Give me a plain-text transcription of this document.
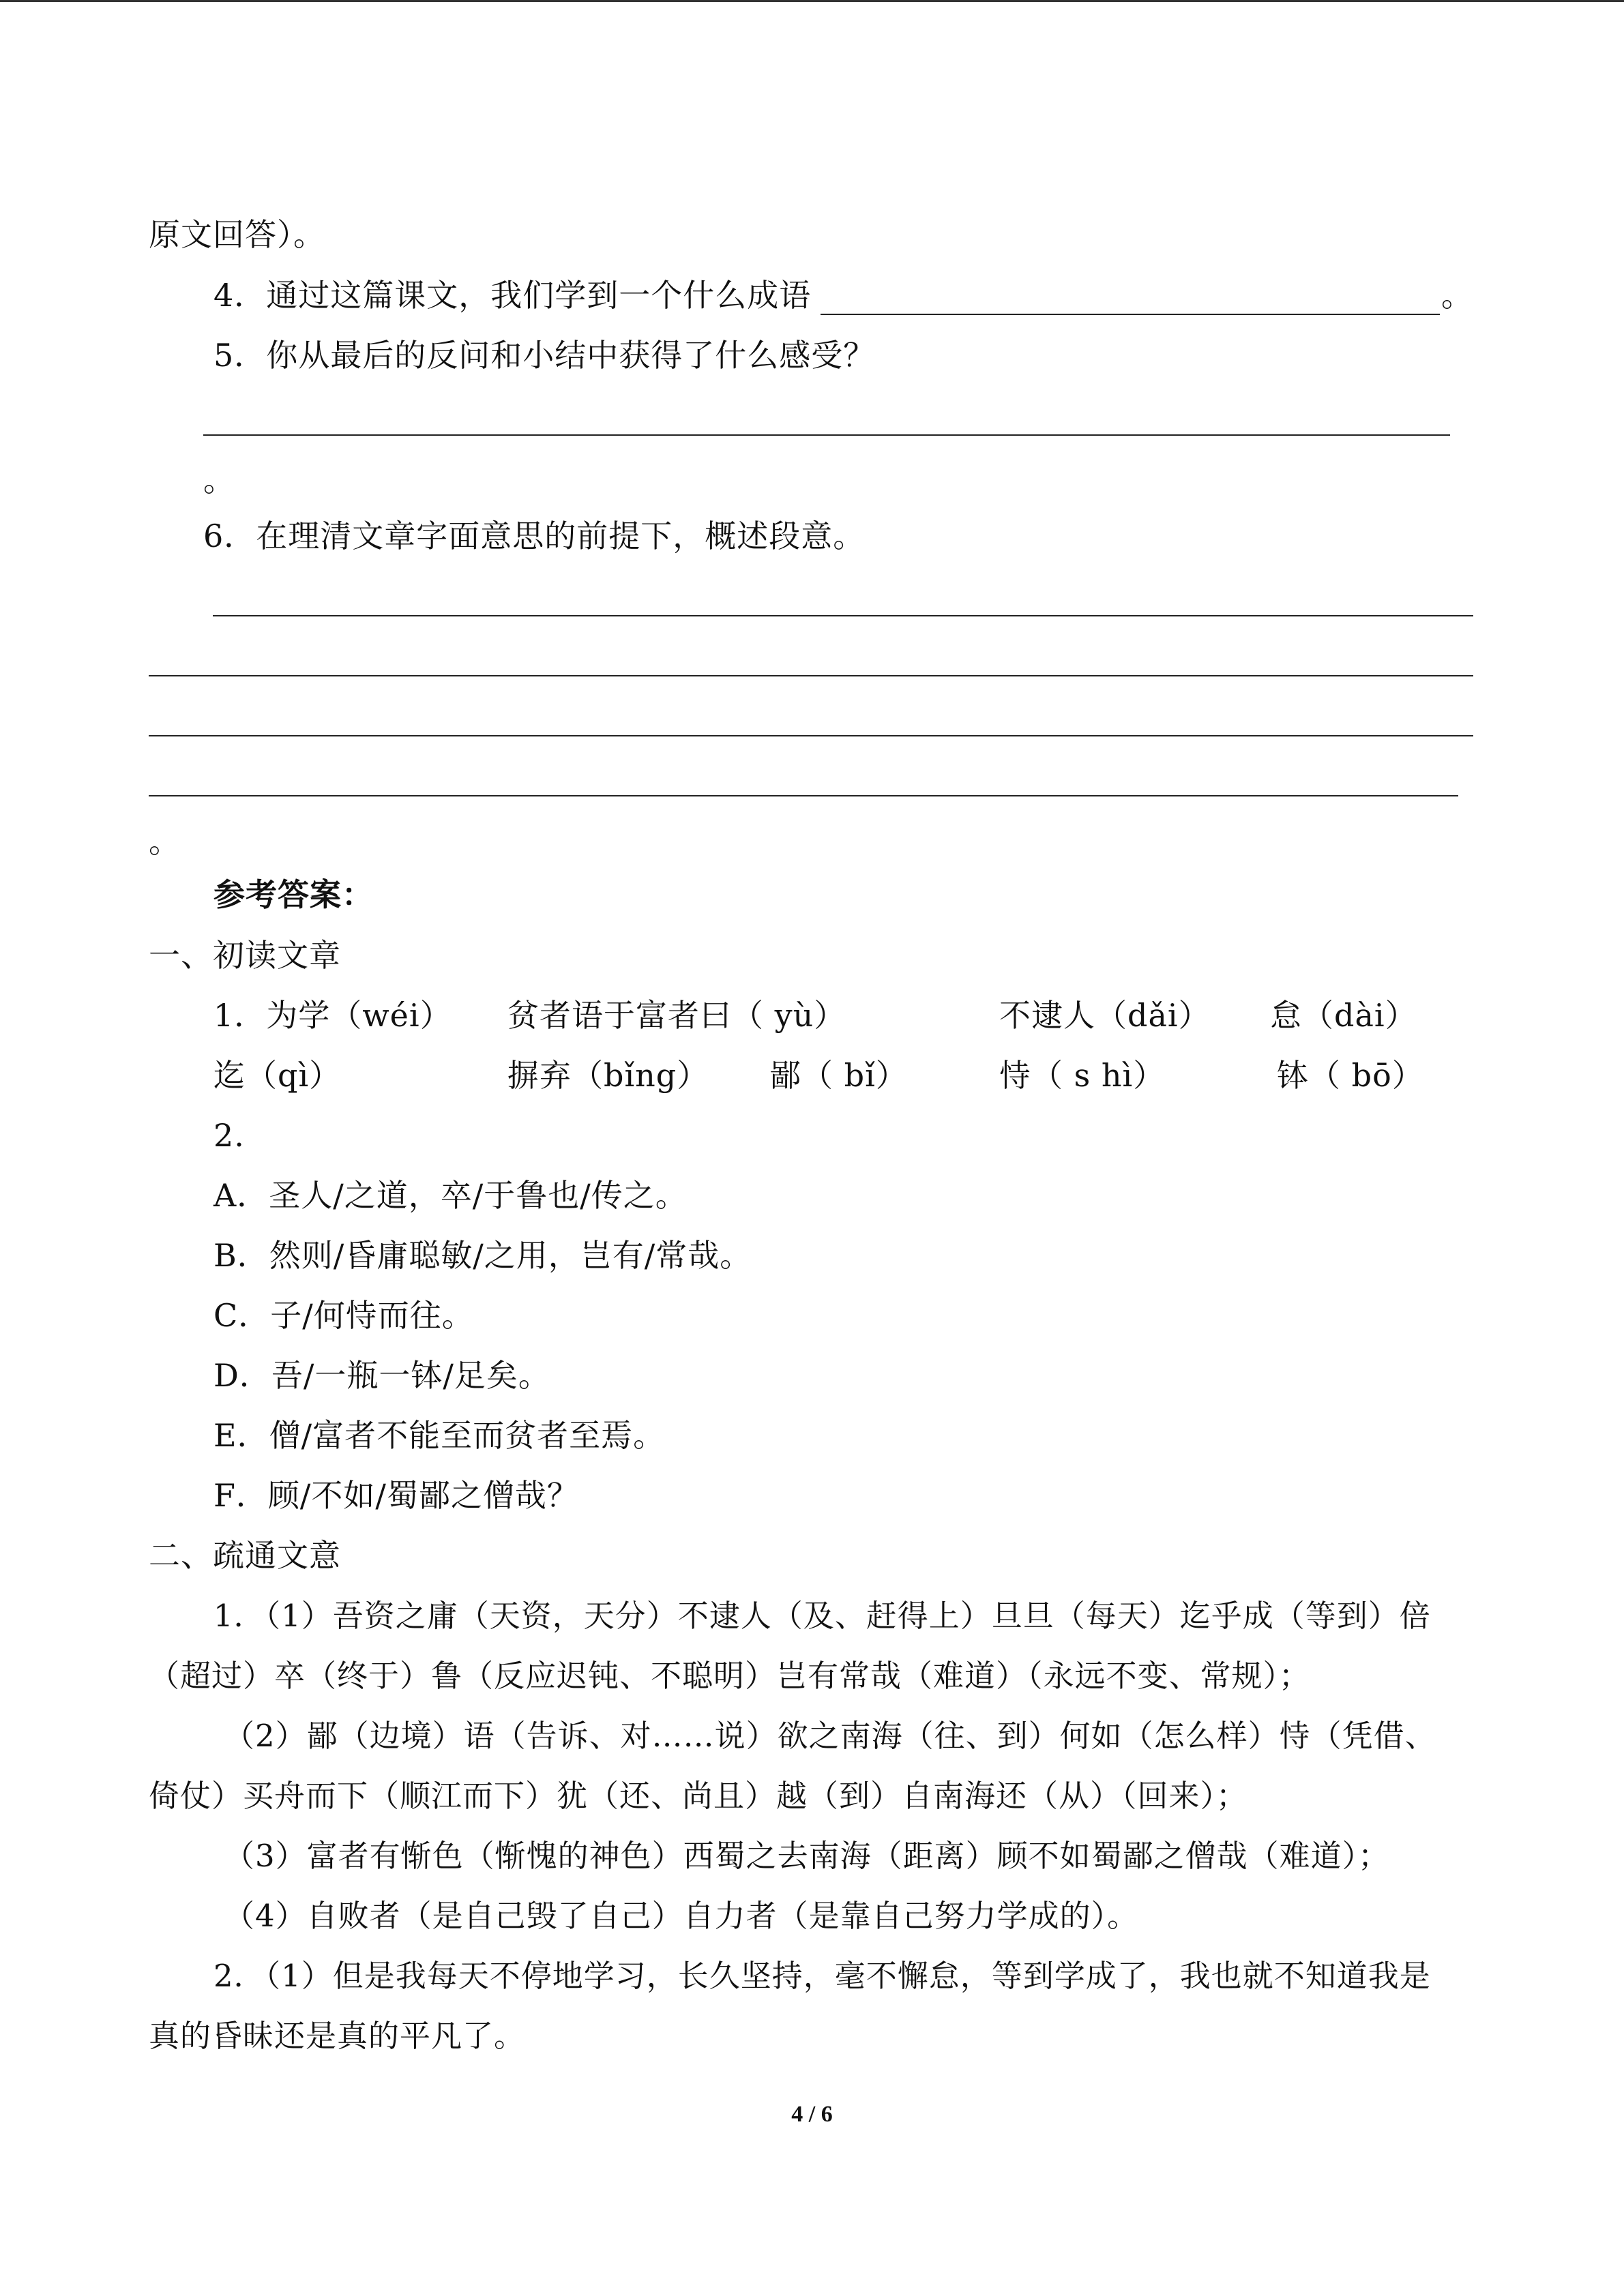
原文回答）。
4．通过这篇课文，我们学到一个什么成语	。
5．你从最后的反问和小结中获得了什么感受？
。
6．在理清文章字面意思的前提下，概述段意。
。
参考答案：
一、初读文章
1．为学（wéi） 贫者语于富者曰（ yù）	不逮人（dǎi） 怠（dài）
迄（qì）	摒弃（bǐng） 鄙（ bǐ）	恃（ s hì）	钵（ bō）
2.
A．圣人/之道，卒/于鲁也/传之。
B．然则/昏庸聪敏/之用，岂有/常哉。
C．子/何恃而往。
D．吾/一瓶一钵/足矣。
E．僧/富者不能至而贫者至焉。
F．顾/不如/蜀鄙之僧哉？
二、疏通文意
1．（1）吾资之庸（天资，天分）不逮人（及、赶得上）旦旦（每天）迄乎成（等到）倍
（超过）卒（终于）鲁（反应迟钝、不聪明）岂有常哉（难道）（永远不变、常规）；
（2）鄙（边境）语（告诉、对……说）欲之南海（往、到）何如（怎么样）恃（凭借、
倚仗）买舟而下（顺江而下）犹（还、尚且）越（到）自南海还（从）（回来）；
（3）富者有惭色（惭愧的神色）西蜀之去南海（距离）顾不如蜀鄙之僧哉（难道）；
（4）自败者（是自己毁了自己）自力者（是靠自己努力学成的）。
2．（1）但是我每天不停地学习，长久坚持，毫不懈怠，等到学成了，我也就不知道我是
真的昏昧还是真的平凡了。
4 / 6
